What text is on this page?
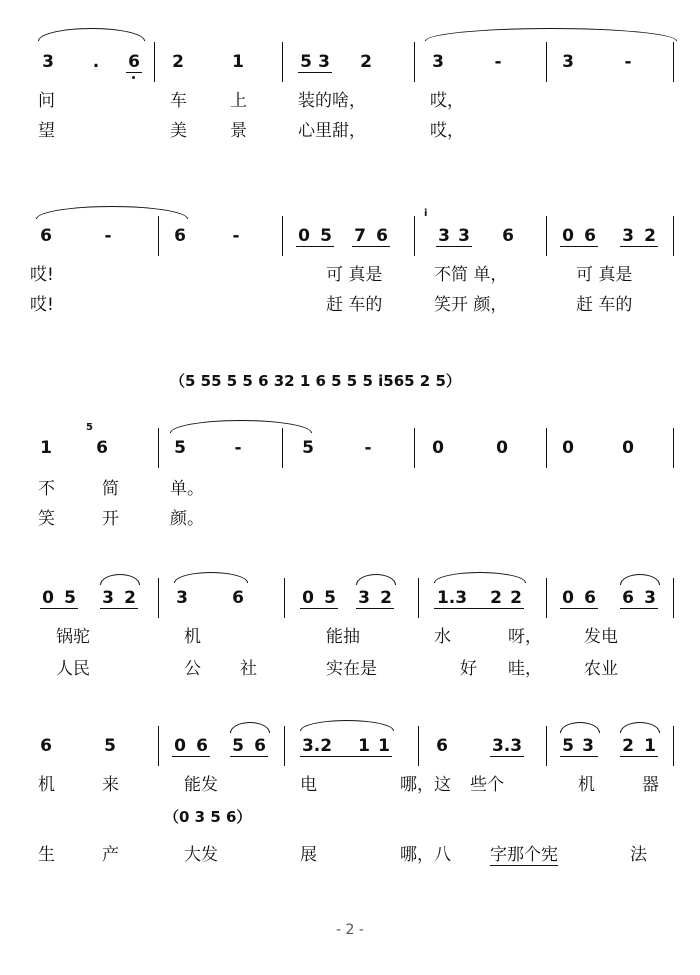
3 . 6 2	1	5 3 2	3	-	3	-
问	车	上	装的啥，	哎，
望	美	景	心里甜，	哎，
6	-	6	-	0 5 7 6
i
3 3 6	0 6 3 2
哎!	可 真是	不简 单，	可 真是
哎!	赶 车的	笑开 颜，	赶 车的
（5 55 5 5 6 32 1 6 5 5 5 i565 2 5）
1
5
6	5	-	5	-	0	0	0	0
不	简	单。
笑	开	颜。
0 5 3 2 3	6	0 5 3 2	1.3 2 2 0 6 6 3
锅驼	机	能抽	水	呀， 发电
人民	公 社	实在是	好 哇， 农业
6	5	0 6 5 6 3.2 1 1	6	3.3 5 3 2 1
机	来	能发	电	哪，这 些个	机	器
（0 3 5 6）
生	产	大发	展	哪，八 字那个宪	法
- 2 -
